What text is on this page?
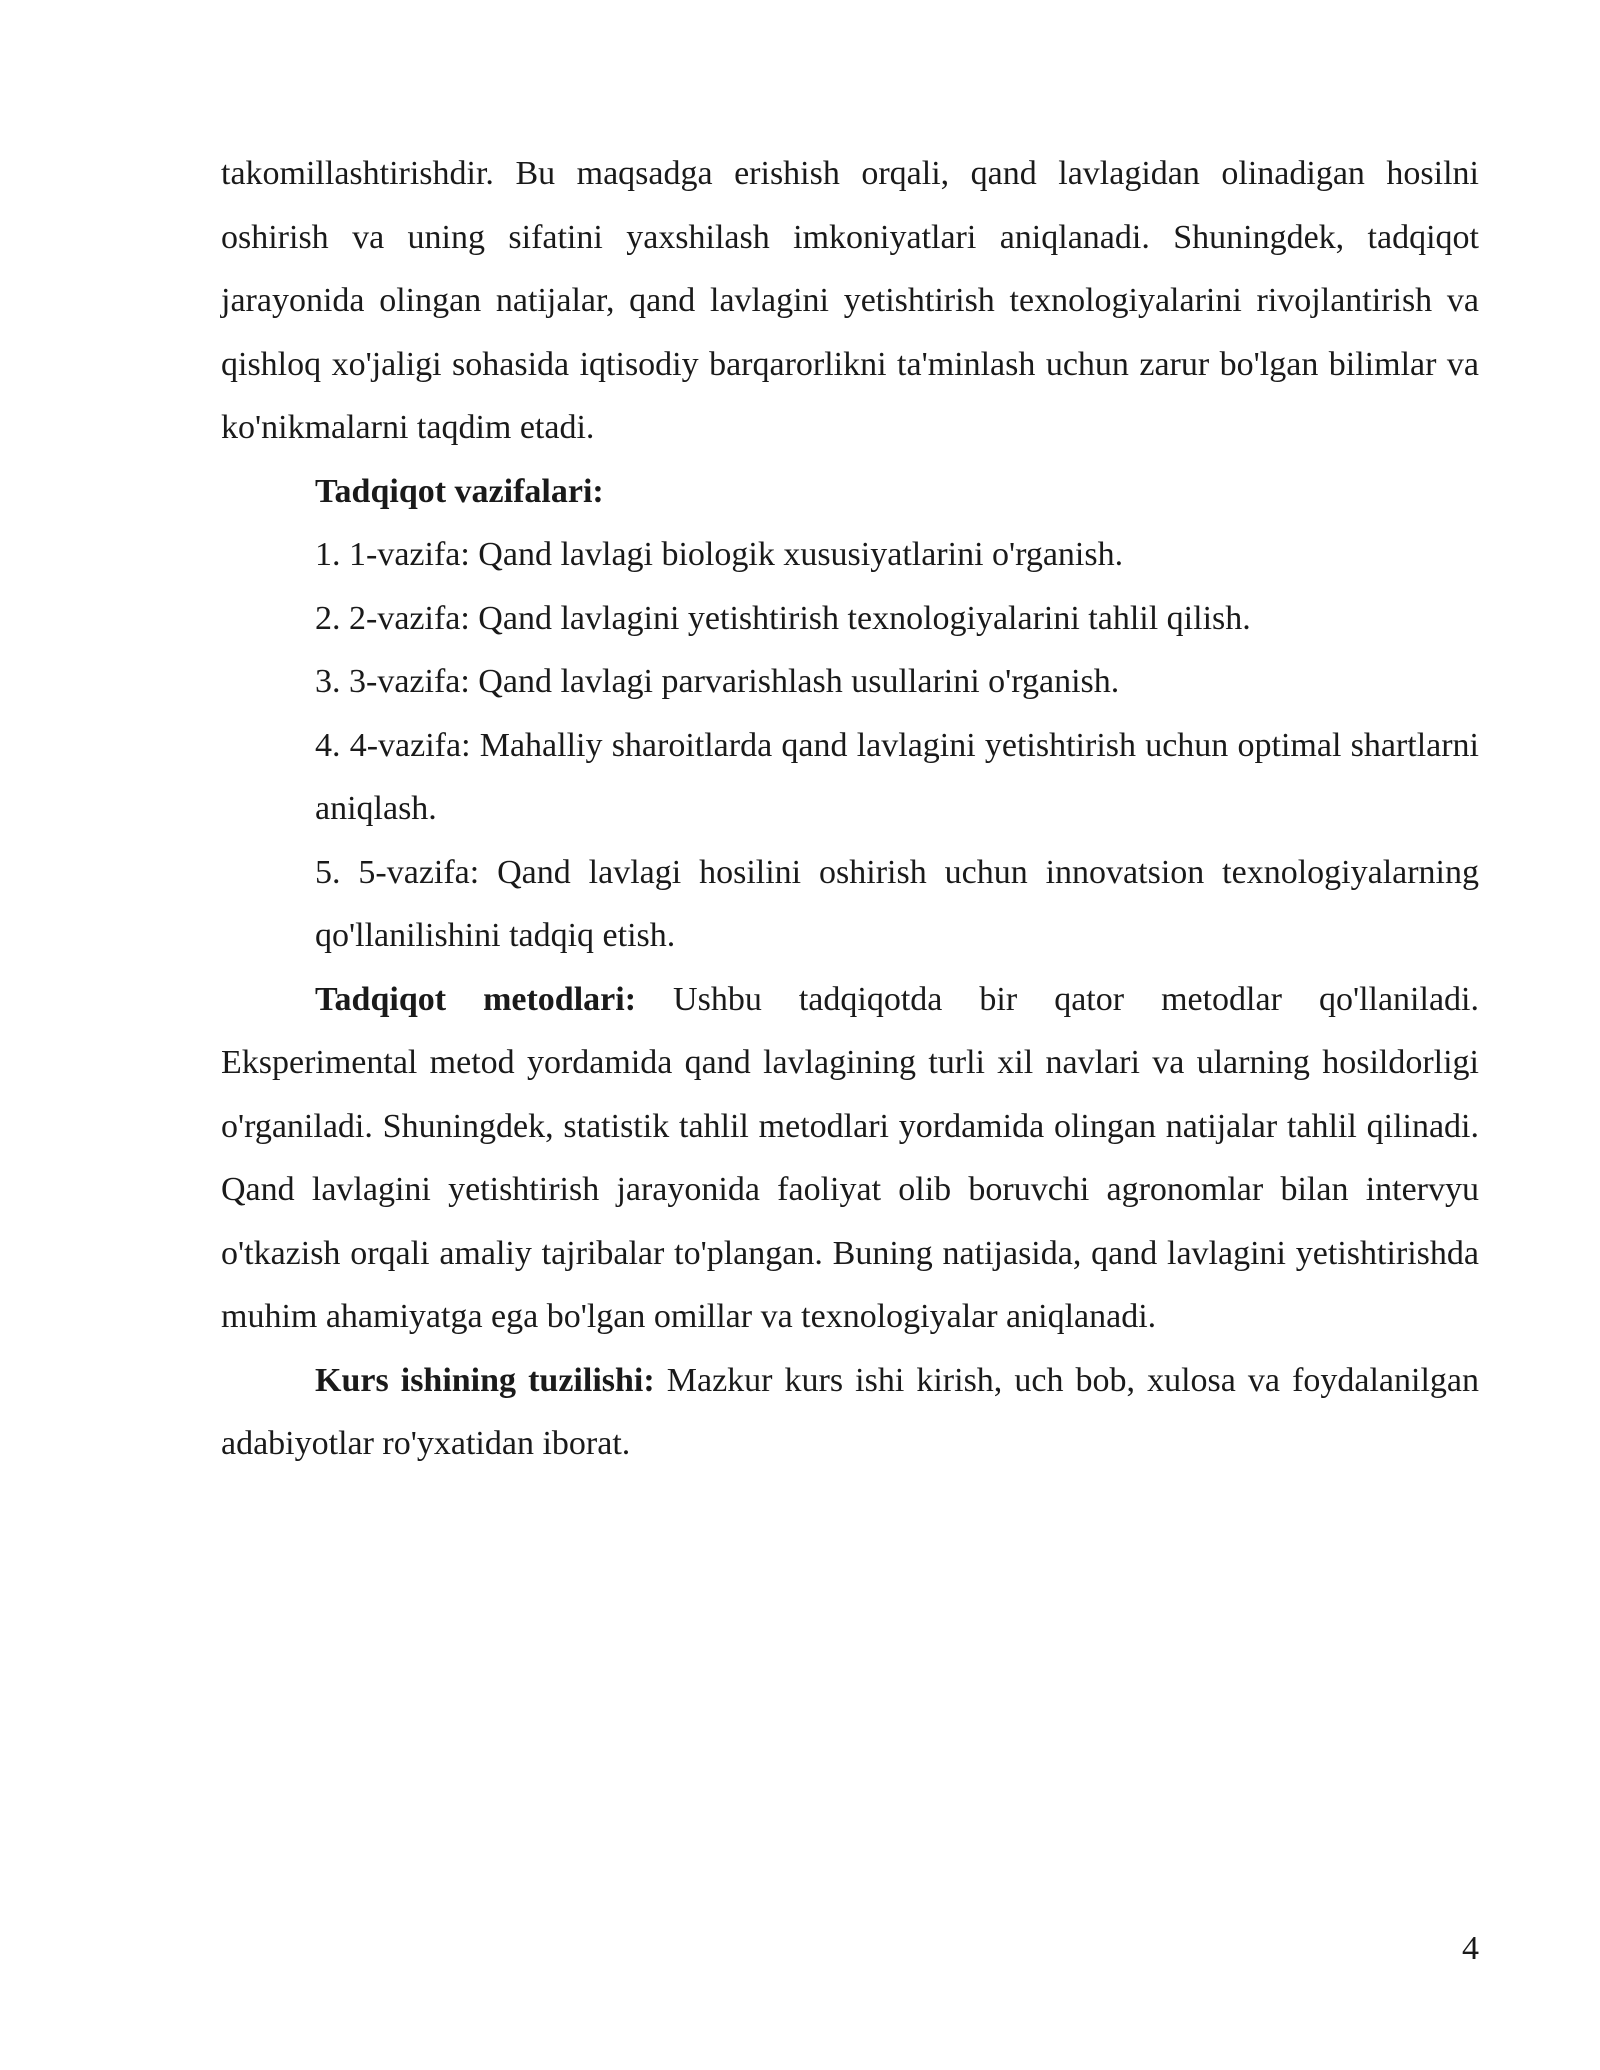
takomillashtirishdir. Bu maqsadga erishish orqali, qand lavlagidan olinadigan hosilni oshirish va uning sifatini yaxshilash imkoniyatlari aniqlanadi. Shuningdek, tadqiqot jarayonida olingan natijalar, qand lavlagini yetishtirish texnologiyalarini rivojlantirish va qishloq xo'jaligi sohasida iqtisodiy barqarorlikni ta'minlash uchun zarur bo'lgan bilimlar va ko'nikmalarni taqdim etadi.

Tadqiqot vazifalari:

1. 1-vazifa: Qand lavlagi biologik xususiyatlarini o'rganish.
2. 2-vazifa: Qand lavlagini yetishtirish texnologiyalarini tahlil qilish.
3. 3-vazifa: Qand lavlagi parvarishlash usullarini o'rganish.
4. 4-vazifa: Mahalliy sharoitlarda qand lavlagini yetishtirish uchun optimal shartlarni aniqlash.
5. 5-vazifa: Qand lavlagi hosilini oshirish uchun innovatsion texnologiyalarning qo'llanilishini tadqiq etish.

Tadqiqot metodlari: Ushbu tadqiqotda bir qator metodlar qo'llaniladi. Eksperimental metod yordamida qand lavlagining turli xil navlari va ularning hosildorligi o'rganiladi. Shuningdek, statistik tahlil metodlari yordamida olingan natijalar tahlil qilinadi. Qand lavlagini yetishtirish jarayonida faoliyat olib boruvchi agronomlar bilan intervyu o'tkazish orqali amaliy tajribalar to'plangan. Buning natijasida, qand lavlagini yetishtirishda muhim ahamiyatga ega bo'lgan omillar va texnologiyalar aniqlanadi.

Kurs ishining tuzilishi: Mazkur kurs ishi kirish, uch bob, xulosa va foydalanilgan adabiyotlar ro'yxatidan iborat.

4
